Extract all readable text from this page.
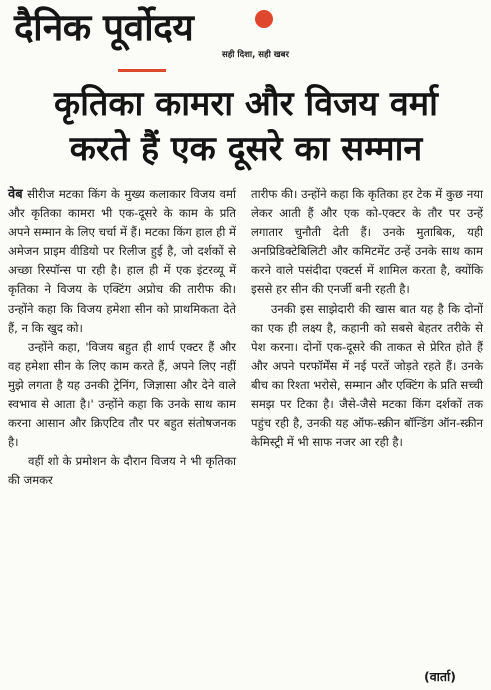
दैनिक पूर्वोदय
सही दिशा, सही खबर
कृतिका कामरा और विजय वर्मा
करते हैं एक दूसरे का सम्मान

वेब सीरीज मटका किंग के मुख्य कलाकार विजय वर्मा और कृतिका कामरा भी एक-दूसरे के काम के प्रति अपने सम्मान के लिए चर्चा में हैं। मटका किंग हाल ही में अमेजन प्राइम वीडियो पर रिलीज हुई है, जो दर्शकों से अच्छा रिस्पॉन्स पा रही है। हाल ही में एक इंटरव्यू में कृतिका ने विजय के एक्टिंग अप्रोच की तारीफ की। उन्होंने कहा कि विजय हमेशा सीन को प्राथमिकता देते हैं, न कि खुद को।

उन्होंने कहा, 'विजय बहुत ही शार्प एक्टर हैं और वह हमेशा सीन के लिए काम करते हैं, अपने लिए नहीं मुझे लगता है यह उनकी ट्रेनिंग, जिज्ञासा और देने वाले स्वभाव से आता है।' उन्होंने कहा कि उनके साथ काम करना आसान और क्रिएटिव तौर पर बहुत संतोषजनक है।

वहीं शो के प्रमोशन के दौरान विजय ने भी कृतिका की जमकर

तारीफ की। उन्होंने कहा कि कृतिका हर टेक में कुछ नया लेकर आती हैं और एक को-एक्टर के तौर पर उन्हें लगातार चुनौती देती हैं। उनके मुताबिक, यही अनप्रिडिक्टेबिलिटी और कमिटमेंट उन्हें उनके साथ काम करने वाले पसंदीदा एक्टर्स में शामिल करता है, क्योंकि इससे हर सीन की एनर्जी बनी रहती है।

उनकी इस साझेदारी की खास बात यह है कि दोनों का एक ही लक्ष्य है, कहानी को सबसे बेहतर तरीके से पेश करना। दोनों एक-दूसरे की ताकत से प्रेरित होते हैं और अपने परफॉर्मेंस में नई परतें जोड़ते रहते हैं। उनके बीच का रिश्ता भरोसे, सम्मान और एक्टिंग के प्रति सच्ची समझ पर टिका है। जैसे-जैसे मटका किंग दर्शकों तक पहुंच रही है, उनकी यह ऑफ-स्क्रीन बॉन्डिंग ऑन-स्क्रीन केमिस्ट्री में भी साफ नजर आ रही है।

(वार्ता)
